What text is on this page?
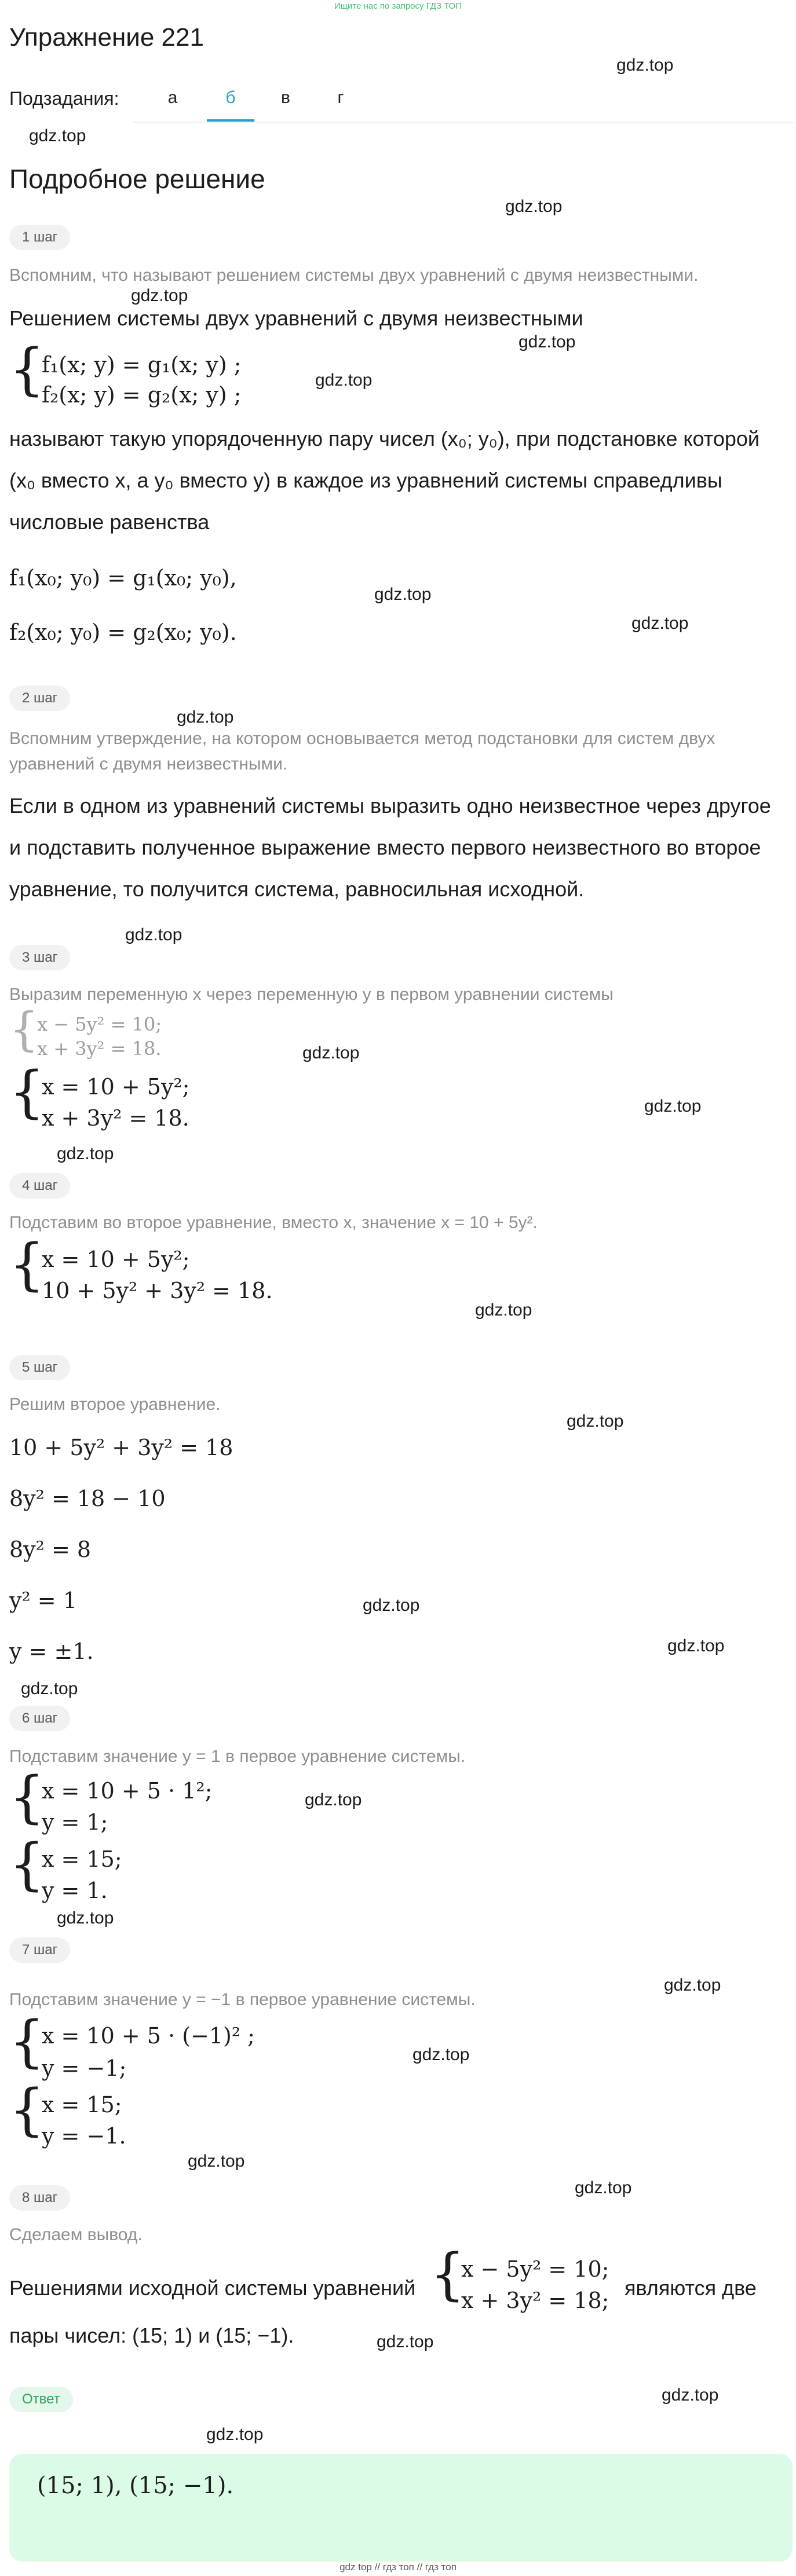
Ищите нас по запросу ГДЗ ТОП
Упражнение 221
gdz.top
Подзадания:	а	б	в	г
gdz.top
Подробное решение
gdz.top
1 шаг
Вспомним, что называют решением системы двух уравнений с двумя неизвестными.
gdz.top
Решением системы двух уравнений с двумя неизвестными
gdz.top
{
f₁(x; y) = g₁(x; y) ;
f₂(x; y) = g₂(x; y) ;
gdz.top
называют такую упорядоченную пару чисел (x₀; y₀), при подстановке которой
(x₀ вместо x, а y₀ вместо y) в каждое из уравнений системы справедливы
числовые равенства
f₁(x₀; y₀) = g₁(x₀; y₀),
gdz.top
f₂(x₀; y₀) = g₂(x₀; y₀).	gdz.top
2 шаг
gdz.top
Вспомним утверждение, на котором основывается метод подстановки для систем двух
уравнений с двумя неизвестными.
Если в одном из уравнений системы выразить одно неизвестное через другое
и подставить полученное выражение вместо первого неизвестного во второе
уравнение, то получится система, равносильная исходной.
gdz.top
3 шаг
Выразим переменную x через переменную y в первом уравнении системы
{
x − 5y² = 10;
x + 3y² = 18.	gdz.top
{
x = 10 + 5y²;
x + 3y² = 18.	gdz.top
gdz.top
4 шаг
Подставим во второе уравнение, вместо x, значение x = 10 + 5y².
{
x = 10 + 5y²;
10 + 5y² + 3y² = 18.
gdz.top
5 шаг
Решим второе уравнение.
10 + 5y² + 3y² = 18
gdz.top
8y² = 18 − 10
8y² = 8
y² = 1	gdz.top
y = ±1.	gdz.top
gdz.top
6 шаг
Подставим значение y = 1 в первое уравнение системы.
{
x = 10 + 5 · 1²;
y = 1;
gdz.top
{
x = 15;
y = 1.
gdz.top
7 шаг
gdz.top
Подставим значение y = −1 в первое уравнение системы.
{
x = 10 + 5 · (−1)² ;
y = −1;
gdz.top
{
x = 15;
y = −1.
gdz.top
gdz.top
8 шаг
Сделаем вывод.
Решениями исходной системы уравнений {
x − 5y² = 10;
x + 3y² = 18; являются две
пары чисел: (15; 1) и (15; −1).	gdz.top
Ответ	gdz.top
gdz.top
(15; 1), (15; −1).
gdz top // гдз топ // гдз топ
